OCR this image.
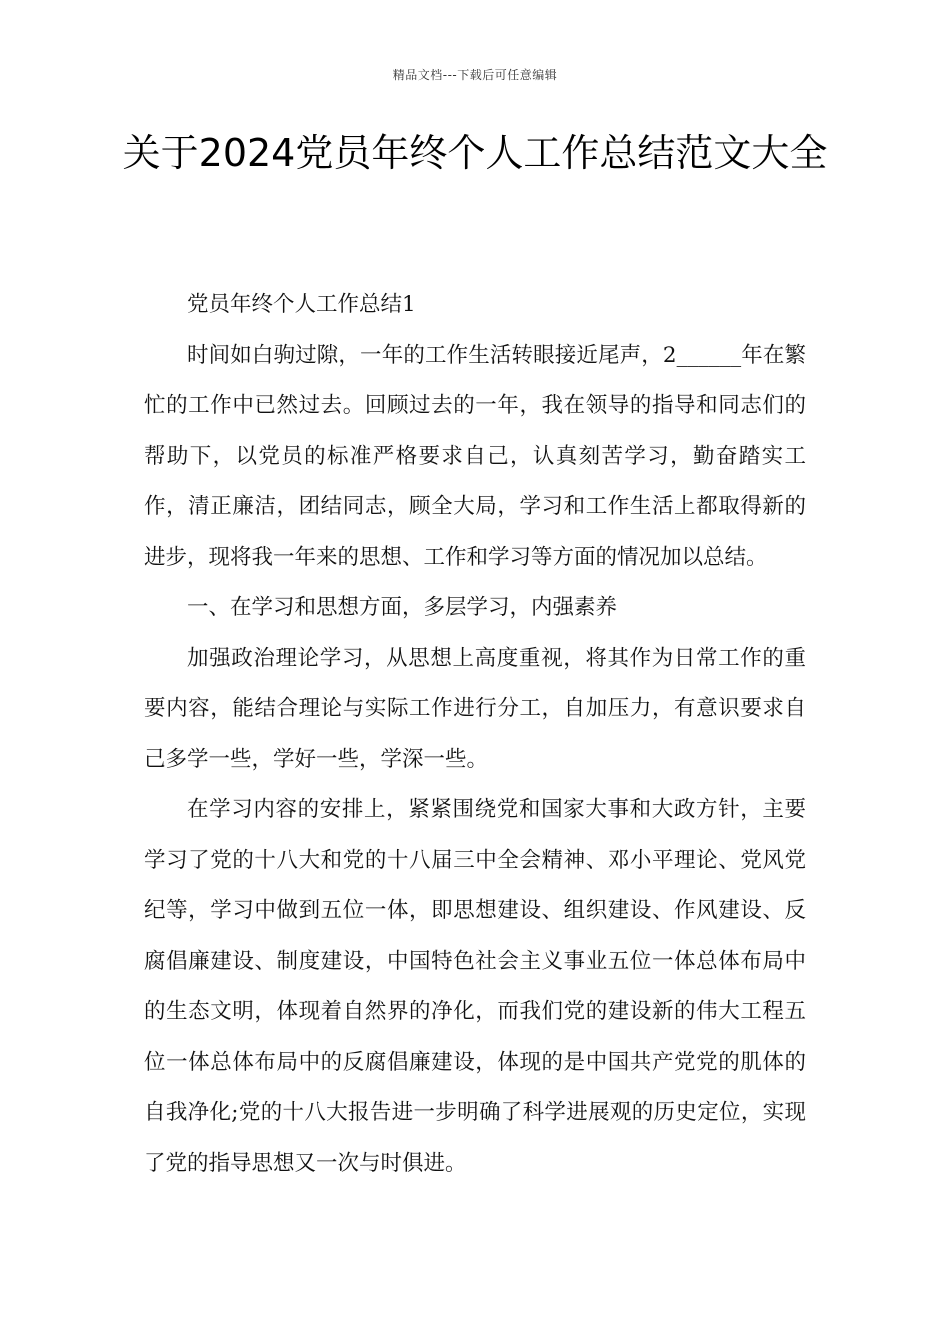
精品文档---下载后可任意编辑
关于2024党员年终个人工作总结范文大全

党员年终个人工作总结1

时间如白驹过隙，一年的工作生活转眼接近尾声，2______年在繁忙的工作中已然过去。回顾过去的一年，我在领导的指导和同志们的帮助下，以党员的标准严格要求自己，认真刻苦学习，勤奋踏实工作，清正廉洁，团结同志，顾全大局，学习和工作生活上都取得新的进步，现将我一年来的思想、工作和学习等方面的情况加以总结。

一、在学习和思想方面，多层学习，内强素养

加强政治理论学习，从思想上高度重视，将其作为日常工作的重要内容，能结合理论与实际工作进行分工，自加压力，有意识要求自己多学一些，学好一些，学深一些。

在学习内容的安排上，紧紧围绕党和国家大事和大政方针，主要学习了党的十八大和党的十八届三中全会精神、邓小平理论、党风党纪等，学习中做到五位一体，即思想建设、组织建设、作风建设、反腐倡廉建设、制度建设，中国特色社会主义事业五位一体总体布局中的生态文明，体现着自然界的净化，而我们党的建设新的伟大工程五位一体总体布局中的反腐倡廉建设，体现的是中国共产党党的肌体的自我净化;党的十八大报告进一步明确了科学进展观的历史定位，实现了党的指导思想又一次与时俱进。
